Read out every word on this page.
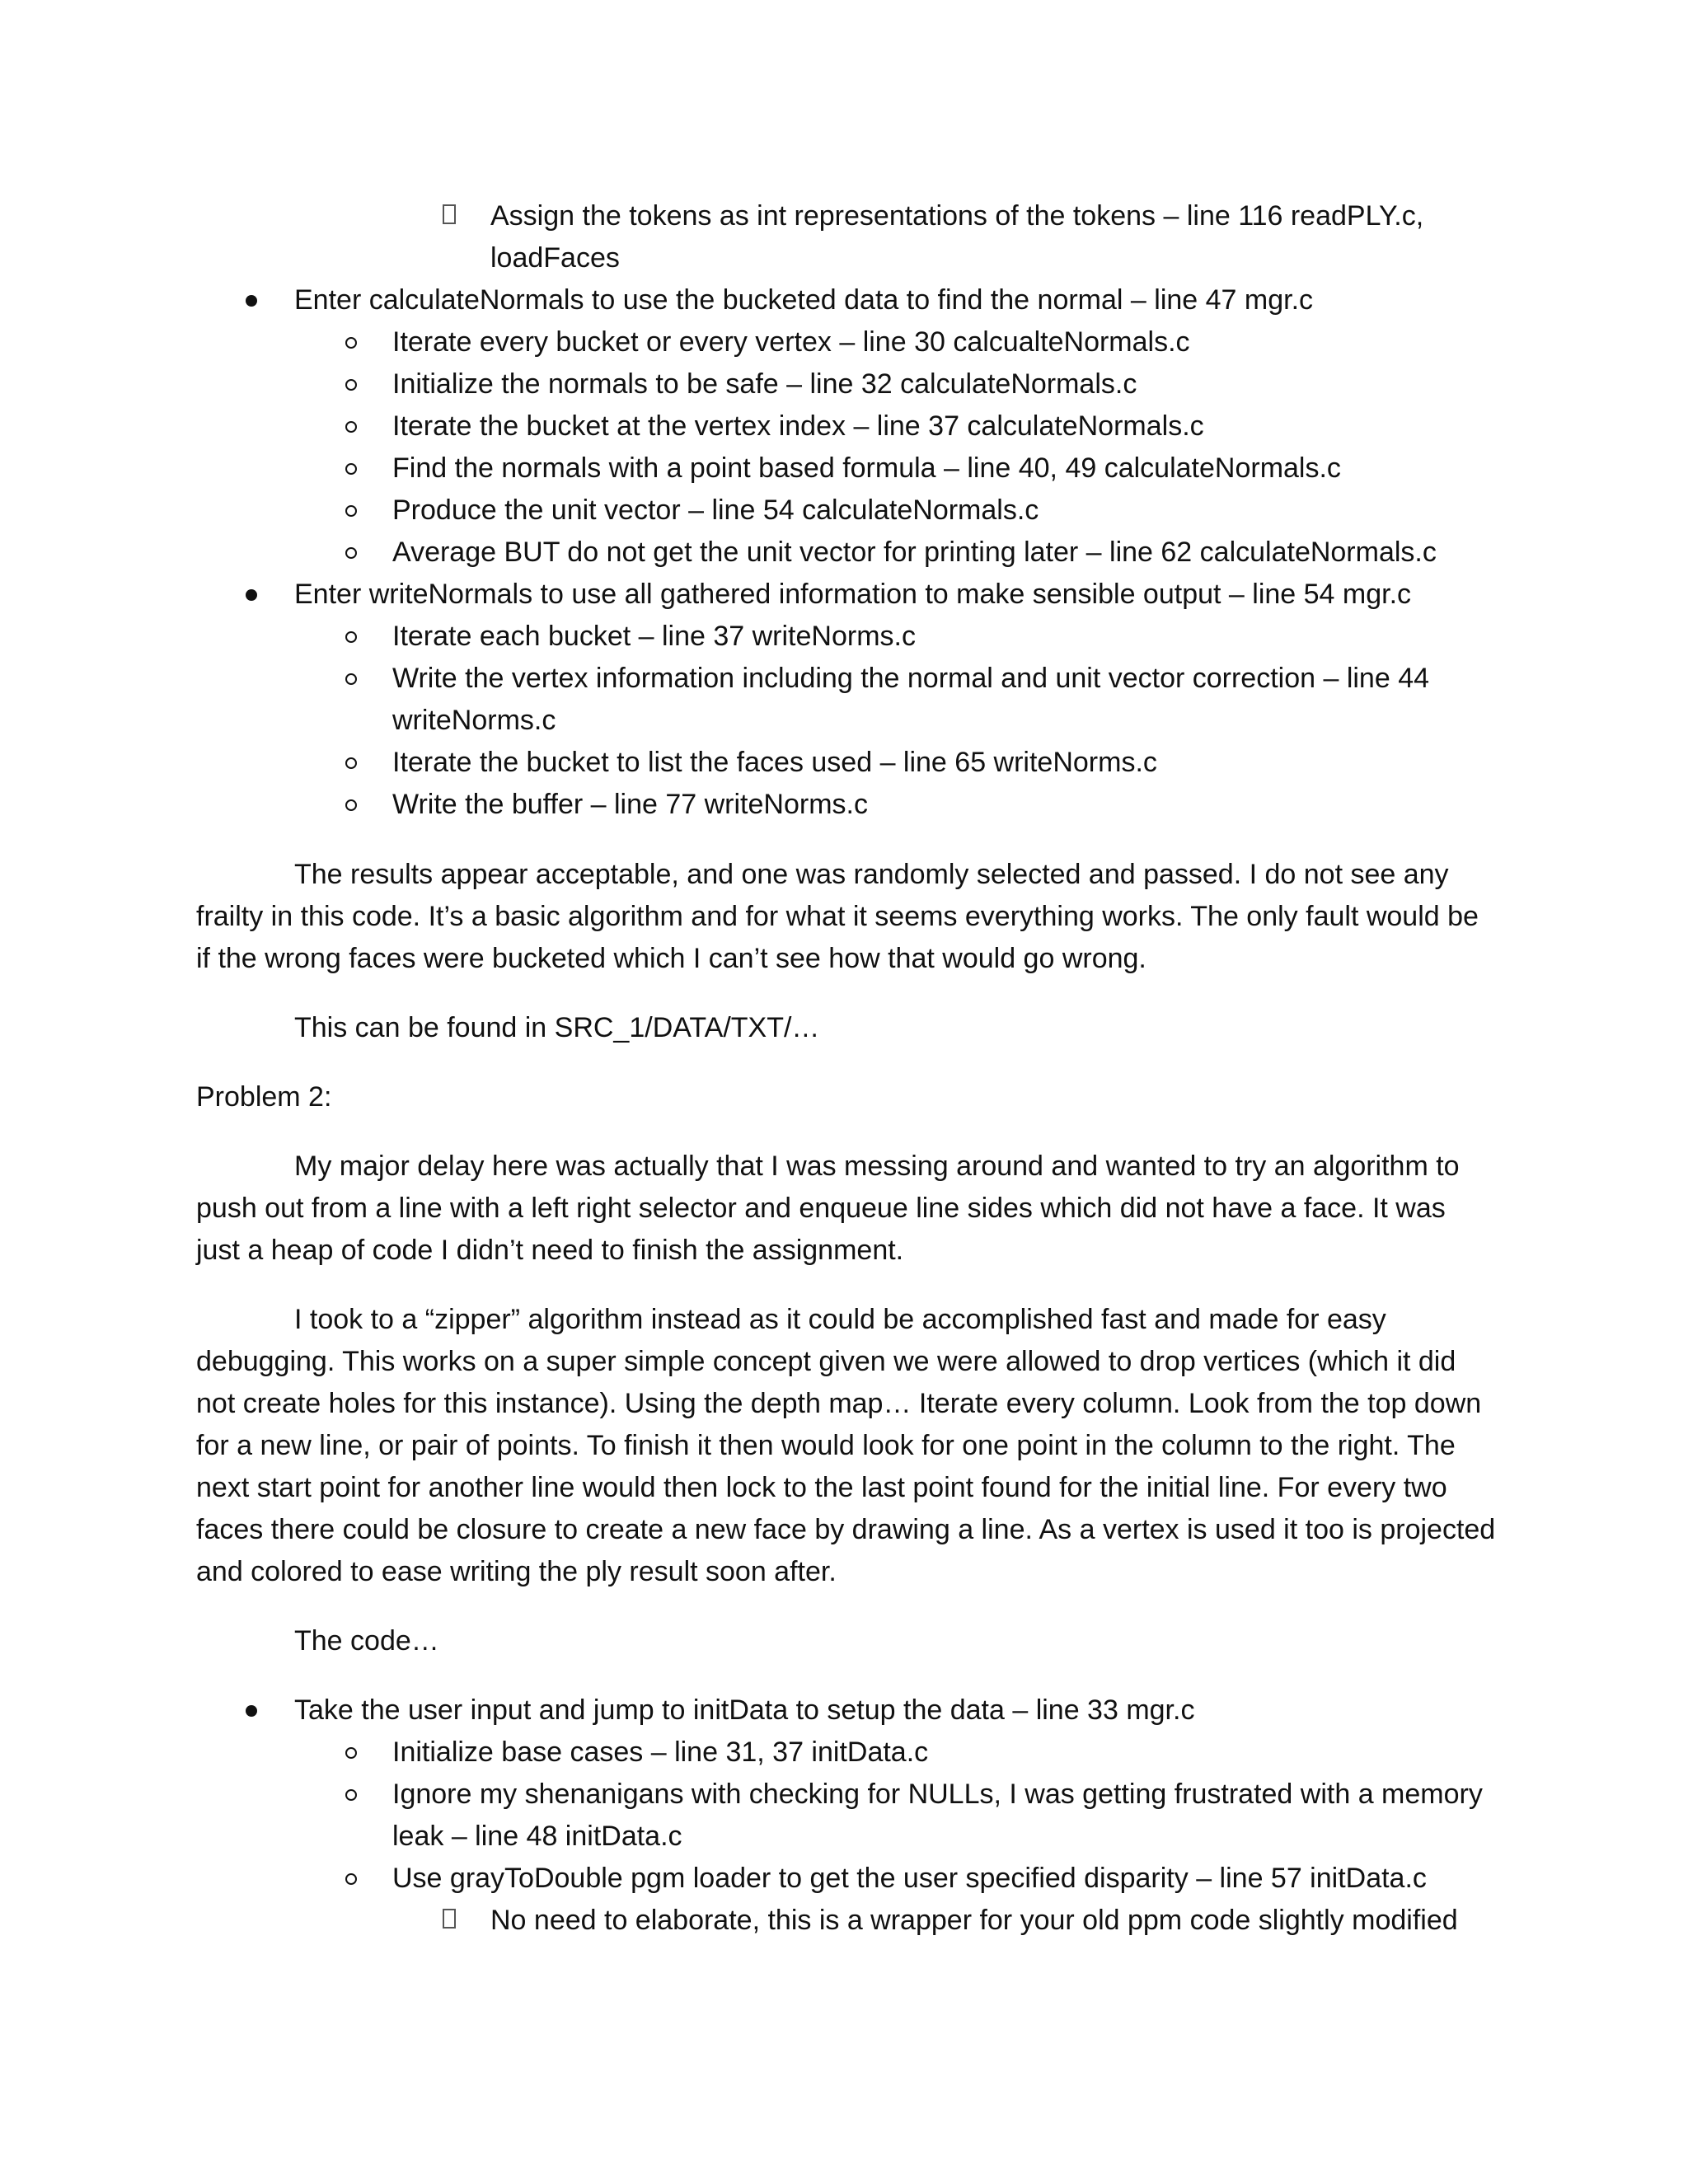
Assign the tokens as int representations of the tokens – line 116 readPLY.c,
loadFaces
Enter calculateNormals to use the bucketed data to find the normal – line 47 mgr.c
Iterate every bucket or every vertex – line 30 calcualteNormals.c
Initialize the normals to be safe – line 32 calculateNormals.c
Iterate the bucket at the vertex index – line 37 calculateNormals.c
Find the normals with a point based formula – line 40, 49 calculateNormals.c
Produce the unit vector – line 54 calculateNormals.c
Average BUT do not get the unit vector for printing later – line 62 calculateNormals.c
Enter writeNormals to use all gathered information to make sensible output – line 54 mgr.c
Iterate each bucket – line 37 writeNorms.c
Write the vertex information including the normal and unit vector correction – line 44
writeNorms.c
Iterate the bucket to list the faces used – line 65 writeNorms.c
Write the buffer – line 77 writeNorms.c
The results appear acceptable, and one was randomly selected and passed. I do not see any
frailty in this code. It’s a basic algorithm and for what it seems everything works. The only fault would be
if the wrong faces were bucketed which I can’t see how that would go wrong.
This can be found in SRC_1/DATA/TXT/…
Problem 2:
My major delay here was actually that I was messing around and wanted to try an algorithm to
push out from a line with a left right selector and enqueue line sides which did not have a face. It was
just a heap of code I didn’t need to finish the assignment.
I took to a “zipper” algorithm instead as it could be accomplished fast and made for easy
debugging. This works on a super simple concept given we were allowed to drop vertices (which it did
not create holes for this instance). Using the depth map… Iterate every column. Look from the top down
for a new line, or pair of points. To finish it then would look for one point in the column to the right. The
next start point for another line would then lock to the last point found for the initial line. For every two
faces there could be closure to create a new face by drawing a line. As a vertex is used it too is projected
and colored to ease writing the ply result soon after.
The code…
Take the user input and jump to initData to setup the data – line 33 mgr.c
Initialize base cases – line 31, 37 initData.c
Ignore my shenanigans with checking for NULLs, I was getting frustrated with a memory
leak – line 48 initData.c
Use grayToDouble pgm loader to get the user specified disparity – line 57 initData.c
No need to elaborate, this is a wrapper for your old ppm code slightly modified
